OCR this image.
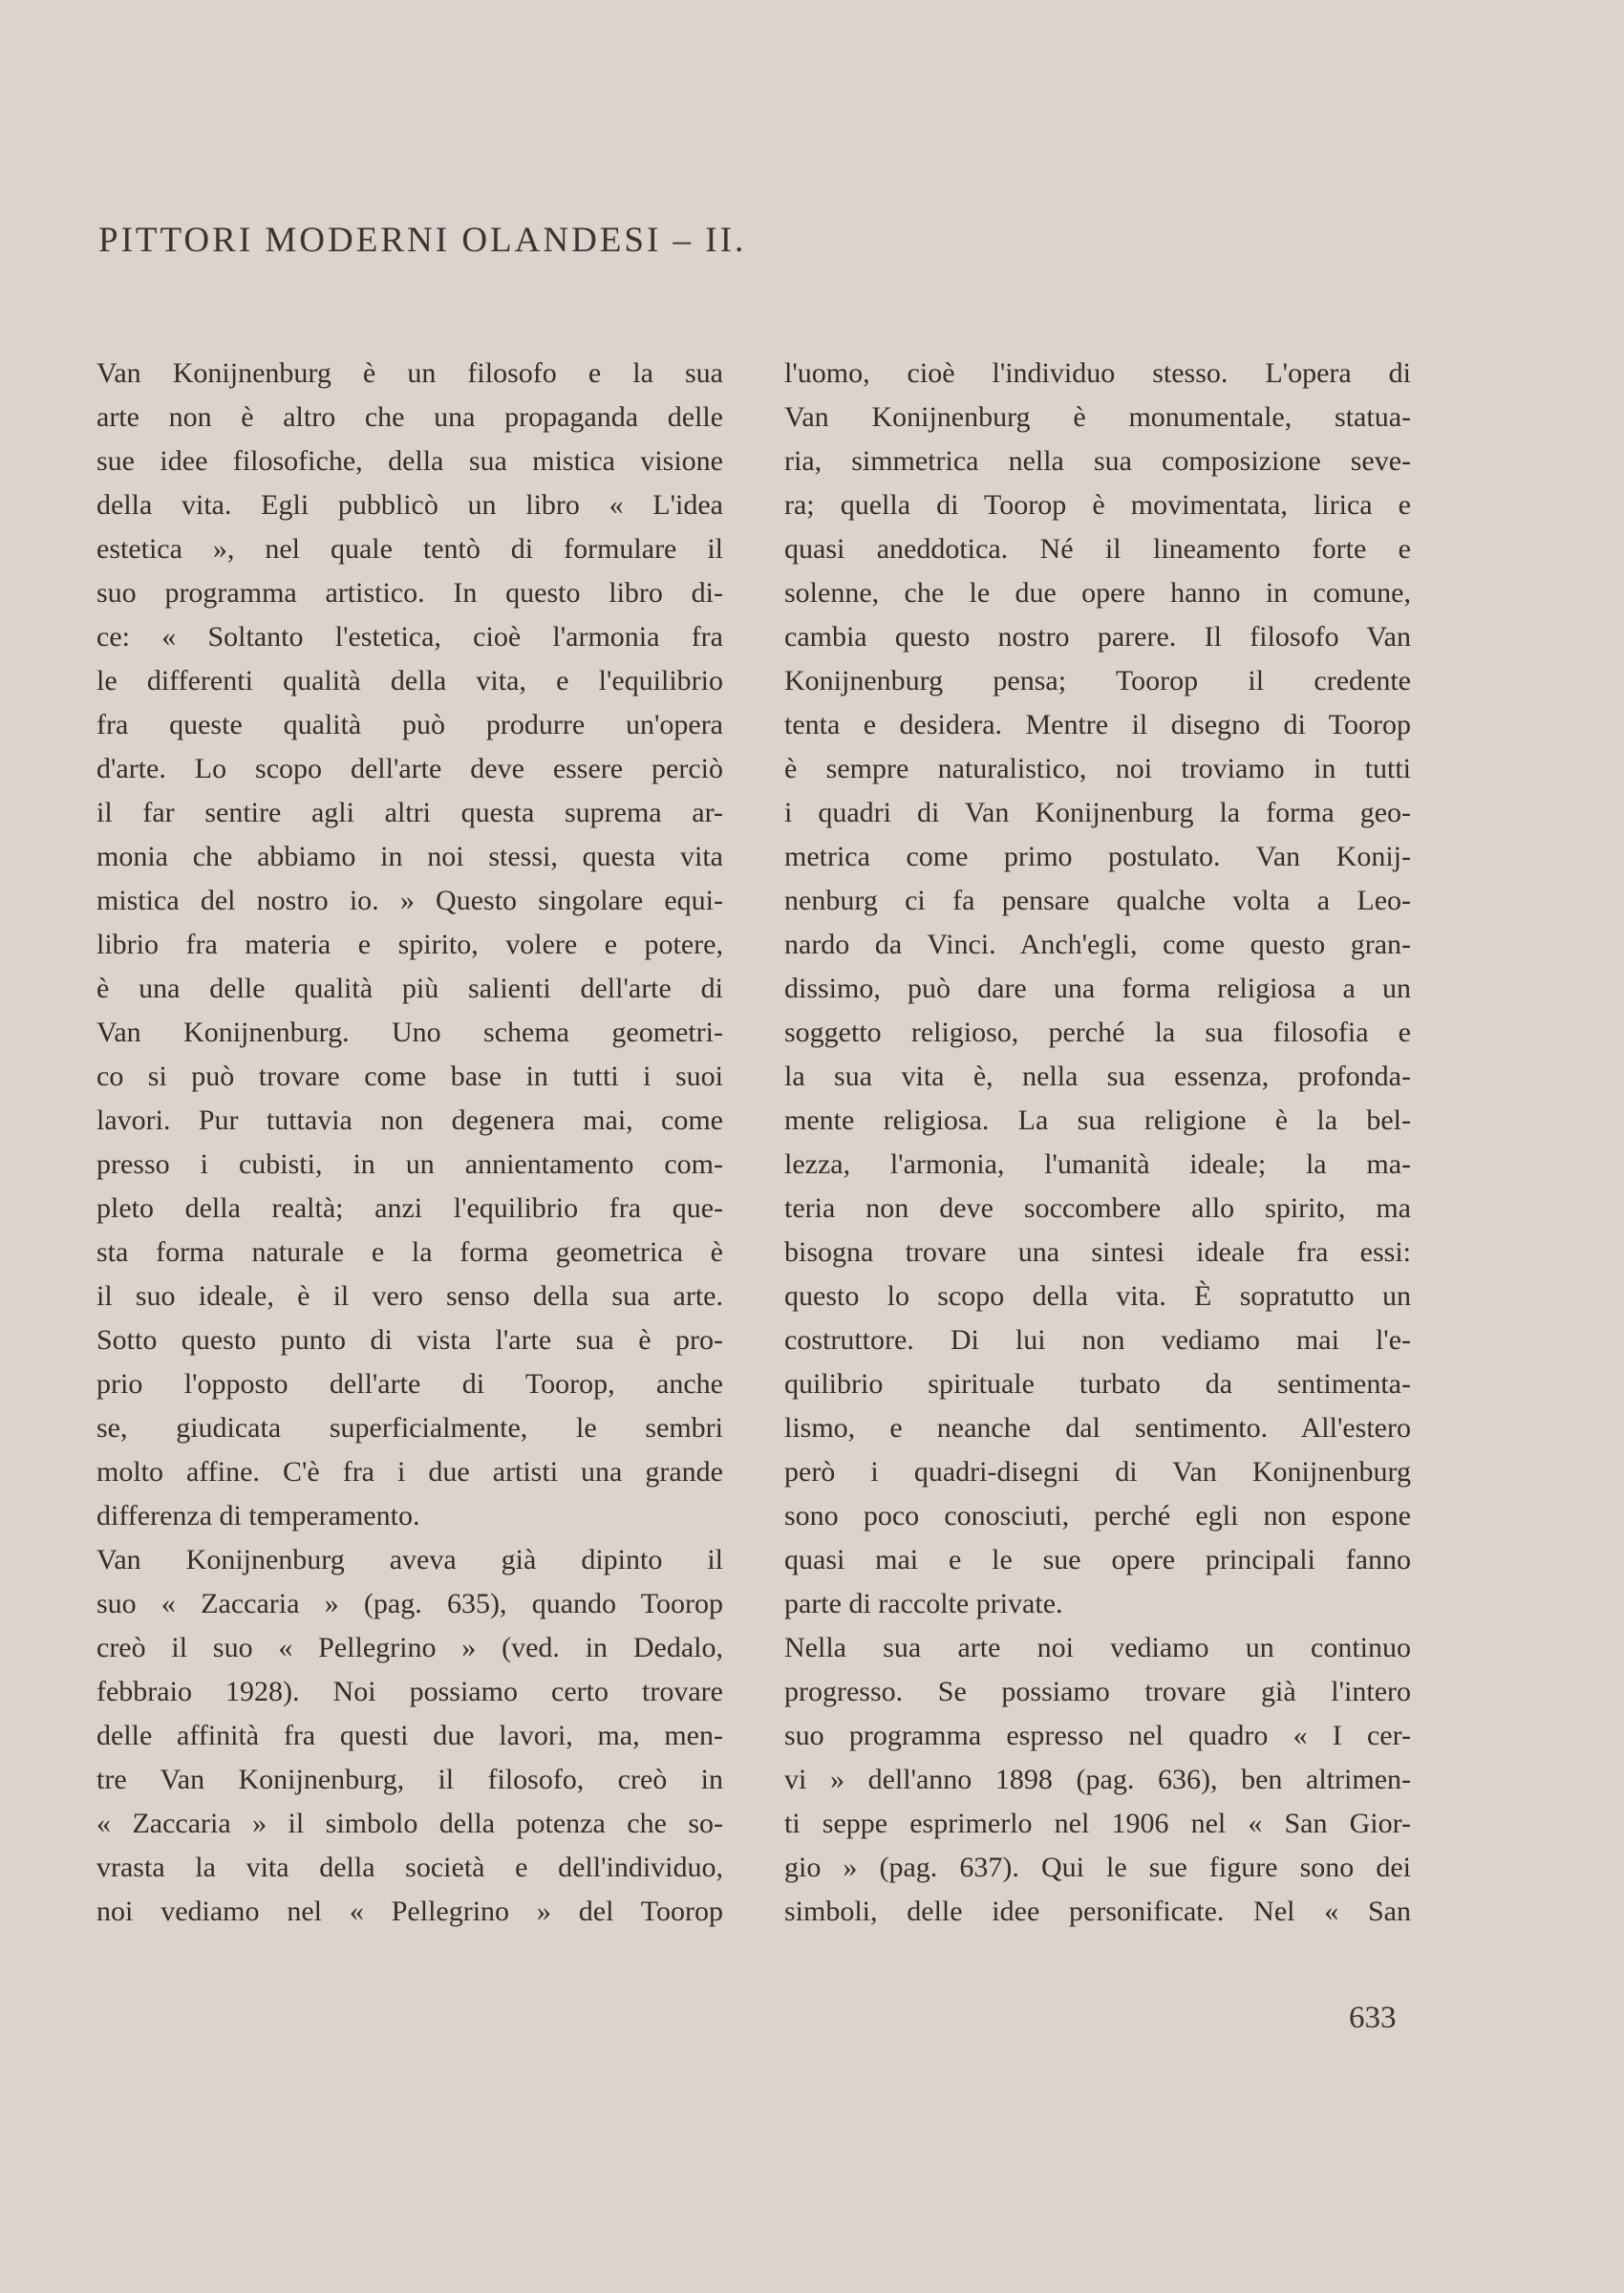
PITTORI MODERNI OLANDESI – II.
Van Konijnenburg è un filosofo e la sua
arte non è altro che una propaganda delle
sue idee filosofiche, della sua mistica visione
della vita. Egli pubblicò un libro « L'idea
estetica », nel quale tentò di formulare il
suo programma artistico. In questo libro di-
ce: « Soltanto l'estetica, cioè l'armonia fra
le differenti qualità della vita, e l'equilibrio
fra queste qualità può produrre un'opera
d'arte. Lo scopo dell'arte deve essere perciò
il far sentire agli altri questa suprema ar-
monia che abbiamo in noi stessi, questa vita
mistica del nostro io. » Questo singolare equi-
librio fra materia e spirito, volere e potere,
è una delle qualità più salienti dell'arte di
Van Konijnenburg. Uno schema geometri-
co si può trovare come base in tutti i suoi
lavori. Pur tuttavia non degenera mai, come
presso i cubisti, in un annientamento com-
pleto della realtà; anzi l'equilibrio fra que-
sta forma naturale e la forma geometrica è
il suo ideale, è il vero senso della sua arte.
Sotto questo punto di vista l'arte sua è pro-
prio l'opposto dell'arte di Toorop, anche
se, giudicata superficialmente, le sembri
molto affine. C'è fra i due artisti una grande
differenza di temperamento.
Van Konijnenburg aveva già dipinto il
suo « Zaccaria » (pag. 635), quando Toorop
creò il suo « Pellegrino » (ved. in Dedalo,
febbraio 1928). Noi possiamo certo trovare
delle affinità fra questi due lavori, ma, men-
tre Van Konijnenburg, il filosofo, creò in
« Zaccaria » il simbolo della potenza che so-
vrasta la vita della società e dell'individuo,
noi vediamo nel « Pellegrino » del Toorop
l'uomo, cioè l'individuo stesso. L'opera di
Van Konijnenburg è monumentale, statua-
ria, simmetrica nella sua composizione seve-
ra; quella di Toorop è movimentata, lirica e
quasi aneddotica. Né il lineamento forte e
solenne, che le due opere hanno in comune,
cambia questo nostro parere. Il filosofo Van
Konijnenburg pensa; Toorop il credente
tenta e desidera. Mentre il disegno di Toorop
è sempre naturalistico, noi troviamo in tutti
i quadri di Van Konijnenburg la forma geo-
metrica come primo postulato. Van Konij-
nenburg ci fa pensare qualche volta a Leo-
nardo da Vinci. Anch'egli, come questo gran-
dissimo, può dare una forma religiosa a un
soggetto religioso, perché la sua filosofia e
la sua vita è, nella sua essenza, profonda-
mente religiosa. La sua religione è la bel-
lezza, l'armonia, l'umanità ideale; la ma-
teria non deve soccombere allo spirito, ma
bisogna trovare una sintesi ideale fra essi:
questo lo scopo della vita. È sopratutto un
costruttore. Di lui non vediamo mai l'e-
quilibrio spirituale turbato da sentimenta-
lismo, e neanche dal sentimento. All'estero
però i quadri-disegni di Van Konijnenburg
sono poco conosciuti, perché egli non espone
quasi mai e le sue opere principali fanno
parte di raccolte private.
Nella sua arte noi vediamo un continuo
progresso. Se possiamo trovare già l'intero
suo programma espresso nel quadro « I cer-
vi » dell'anno 1898 (pag. 636), ben altrimen-
ti seppe esprimerlo nel 1906 nel « San Gior-
gio » (pag. 637). Qui le sue figure sono dei
simboli, delle idee personificate. Nel « San
633
